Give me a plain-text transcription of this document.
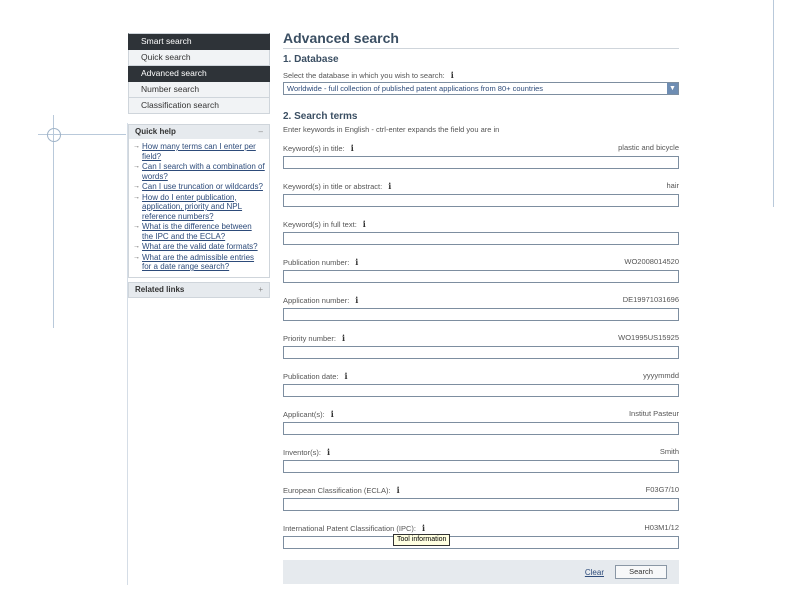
Smart search
Quick search
Advanced search
Number search
Classification search
Quick help	–
→ How many terms can I enter per field?
→ Can I search with a combination of words?
→ Can I use truncation or wildcards?
→ How do I enter publication, application, priority and NPL reference numbers?
→ What is the difference between the IPC and the ECLA?
→ What are the valid date formats?
→ What are the admissible entries for a date range search?
Related links	+
Advanced search
1. Database
Select the database in which you wish to search: i
Worldwide - full collection of published patent applications from 80+ countries	▼
2. Search terms
Enter keywords in English - ctrl-enter expands the field you are in
Keyword(s) in title: i	plastic and bicycle
Keyword(s) in title or abstract: i	hair
Keyword(s) in full text: i
Publication number: i	WO2008014520
Application number: i	DE19971031696
Priority number: i	WO1995US15925
Publication date: i	yyyymmdd
Applicant(s): i	Institut Pasteur
Inventor(s): i	Smith
European Classification (ECLA): i	F03G7/10
International Patent Classification (IPC): i	H03M1/12
Tool information
Clear	Search
